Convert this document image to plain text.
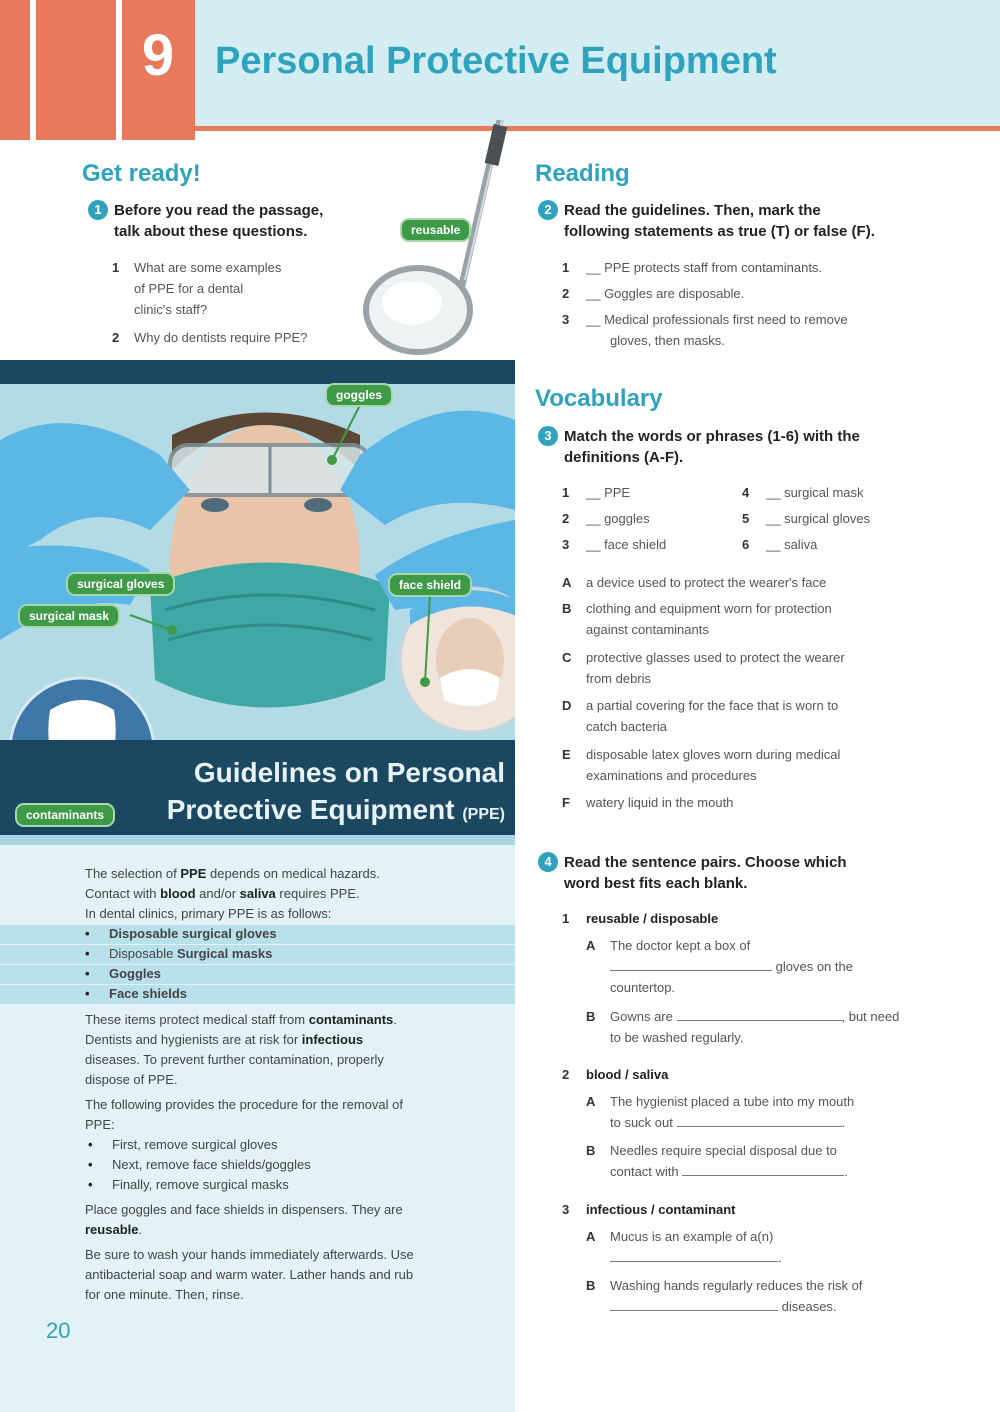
9	Personal Protective Equipment
Get ready!
1 Before you read the passage,
talk about these questions.
1 What are some examples
of PPE for a dental
clinic's staff?
2 Why do dentists require PPE?
reusable
Guidelines on Personal
Protective Equipment (PPE)
goggles
surgical gloves
surgical mask
face shield
contaminants
The selection of PPE depends on medical hazards.
Contact with blood and/or saliva requires PPE.
In dental clinics, primary PPE is as follows:
• Disposable surgical gloves
• Disposable Surgical masks
• Goggles
• Face shields
These items protect medical staff from contaminants.
Dentists and hygienists are at risk for infectious
diseases. To prevent further contamination, properly
dispose of PPE.
The following provides the procedure for the removal of
PPE:
• First, remove surgical gloves
• Next, remove face shields/goggles
• Finally, remove surgical masks
Place goggles and face shields in dispensers. They are
reusable.
Be sure to wash your hands immediately afterwards. Use
antibacterial soap and warm water. Lather hands and rub
for one minute. Then, rinse.
20
Reading
2 Read the guidelines. Then, mark the
following statements as true (T) or false (F).
1 __ PPE protects staff from contaminants.
2 __ Goggles are disposable.
3 __ Medical professionals first need to remove
gloves, then masks.
Vocabulary
3 Match the words or phrases (1-6) with the
definitions (A-F).
1 __ PPE
2 __ goggles
3 __ face shield
4 __ surgical mask
5 __ surgical gloves
6 __ saliva
A a device used to protect the wearer's face
B clothing and equipment worn for protection
against contaminants
C protective glasses used to protect the wearer
from debris
D a partial covering for the face that is worn to
catch bacteria
E disposable latex gloves worn during medical
examinations and procedures
F watery liquid in the mouth
4 Read the sentence pairs. Choose which
word best fits each blank.
1 reusable / disposable
A The doctor kept a box of
gloves on the
countertop.
B Gowns are	, but need
to be washed regularly.
2 blood / saliva
A The hygienist placed a tube into my mouth
to suck out	.
B Needles require special disposal due to
contact with	.
3 infectious / contaminant
A Mucus is an example of a(n)
.
B Washing hands regularly reduces the risk of
diseases.
